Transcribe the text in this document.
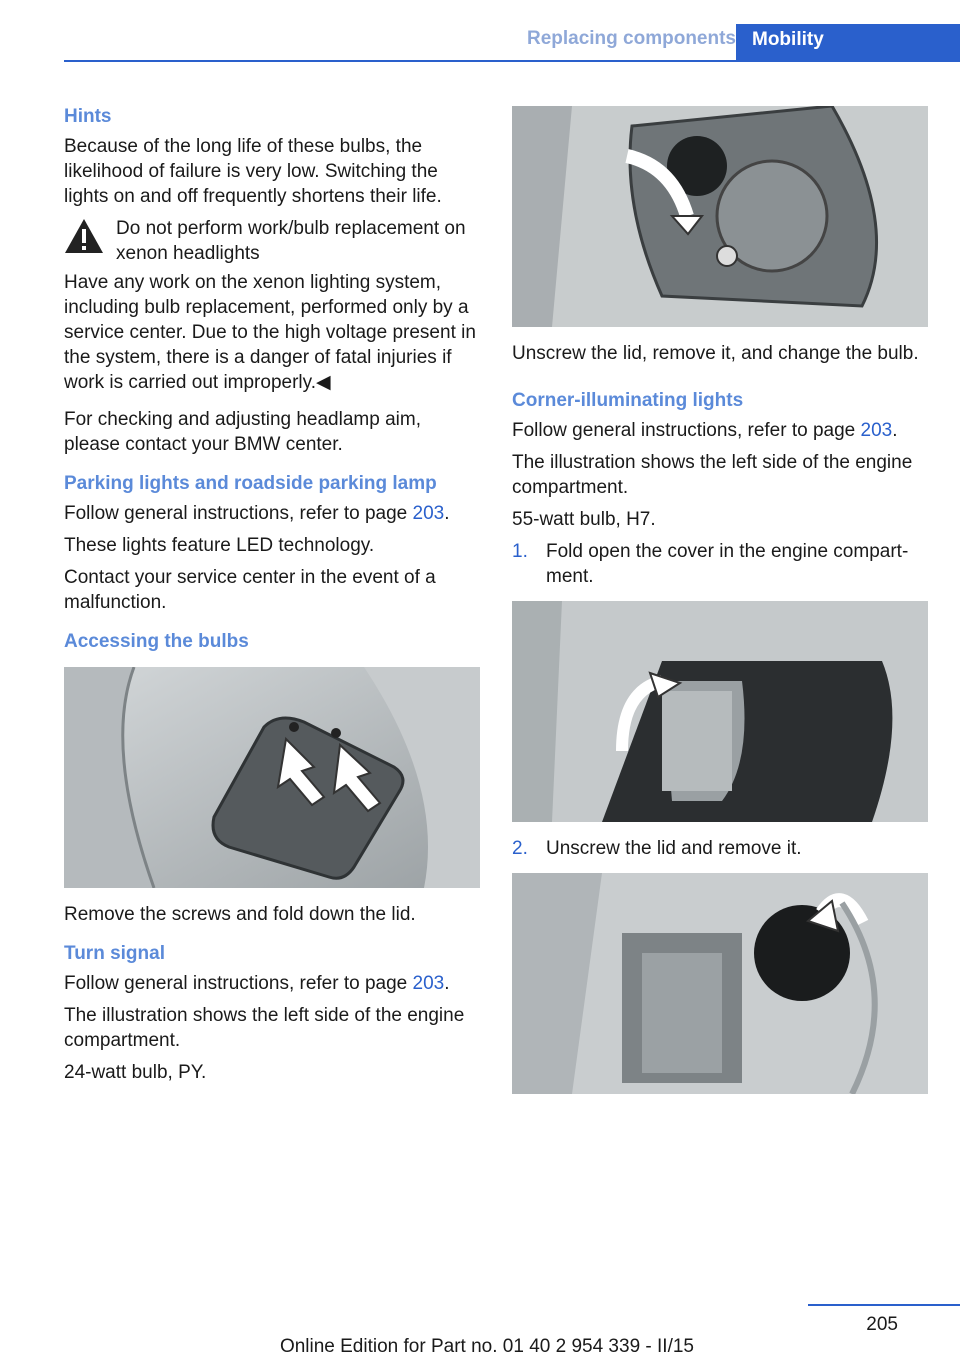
Replacing components Mobility
Hints

Because of the long life of these bulbs, the likelihood of failure is very low. Switching the lights on and off frequently shortens their life.

Do not perform work/bulb replacement on xenon headlights

Have any work on the xenon lighting system, including bulb replacement, performed only by a service center. Due to the high voltage present in the system, there is a danger of fatal injuries if work is carried out improperly.◀

For checking and adjusting headlamp aim, please contact your BMW center.

Parking lights and roadside parking lamp

Follow general instructions, refer to page 203.

These lights feature LED technology.

Contact your service center in the event of a malfunction.

Accessing the bulbs

Remove the screws and fold down the lid.

Turn signal

Follow general instructions, refer to page 203.

The illustration shows the left side of the engine compartment.

24-watt bulb, PY.

Unscrew the lid, remove it, and change the bulb.

Corner-illuminating lights

Follow general instructions, refer to page 203.

The illustration shows the left side of the engine compartment.

55-watt bulb, H7.

1. Fold open the cover in the engine compartment.
2. Unscrew the lid and remove it.
205
Online Edition for Part no. 01 40 2 954 339 - II/15
